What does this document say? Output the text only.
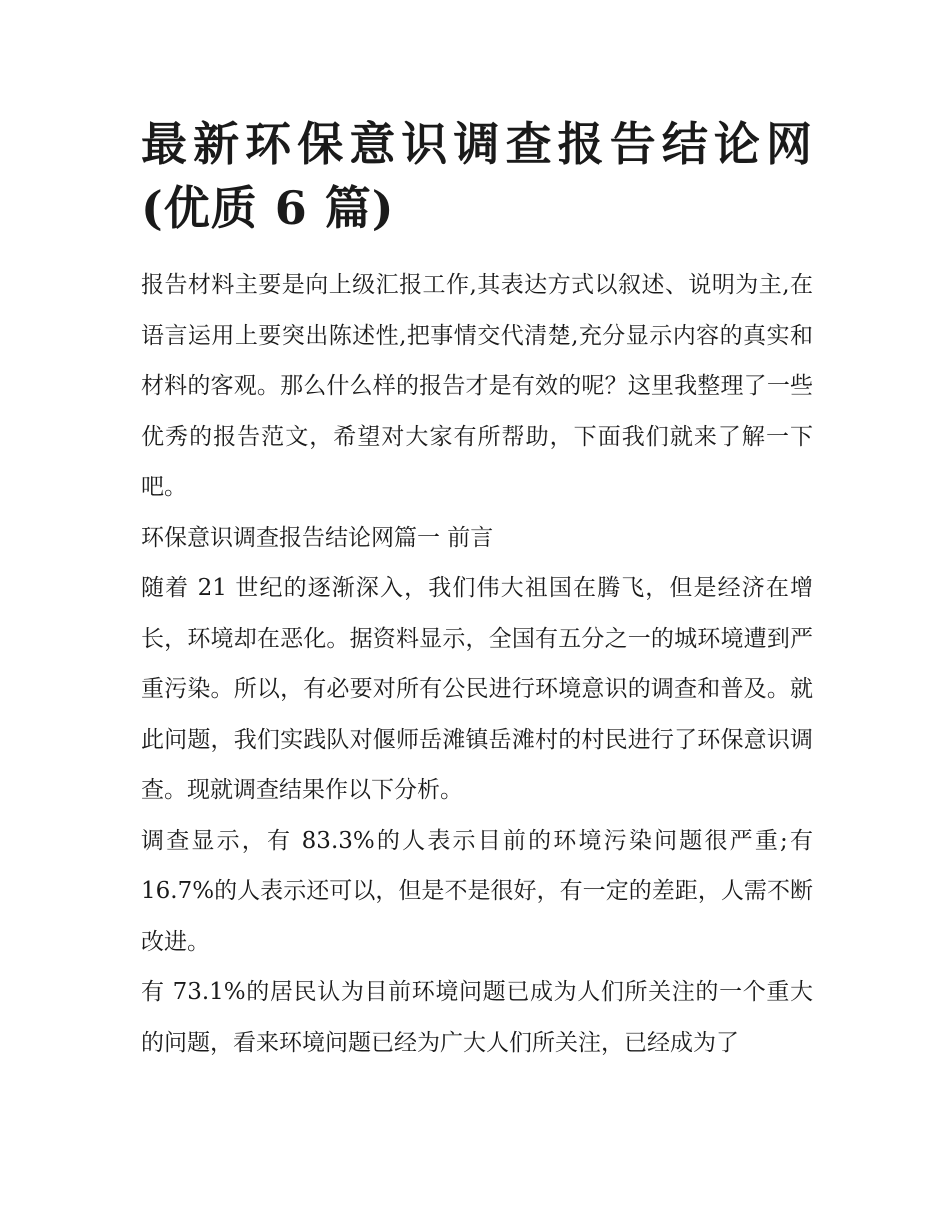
最新环保意识调查报告结论网(优质 6 篇)

报告材料主要是向上级汇报工作,其表达方式以叙述、说明为主,在语言运用上要突出陈述性,把事情交代清楚,充分显示内容的真实和材料的客观。那么什么样的报告才是有效的呢？这里我整理了一些优秀的报告范文，希望对大家有所帮助，下面我们就来了解一下吧。

环保意识调查报告结论网篇一 前言

随着 21 世纪的逐渐深入，我们伟大祖国在腾飞，但是经济在增长，环境却在恶化。据资料显示，全国有五分之一的城环境遭到严重污染。所以，有必要对所有公民进行环境意识的调查和普及。就此问题，我们实践队对偃师岳滩镇岳滩村的村民进行了环保意识调查。现就调查结果作以下分析。

调查显示，有 83.3%的人表示目前的环境污染问题很严重;有16.7%的人表示还可以，但是不是很好，有一定的差距，人需不断改进。

有 73.1%的居民认为目前环境问题已成为人们所关注的一个重大的问题，看来环境问题已经为广大人们所关注，已经成为了
